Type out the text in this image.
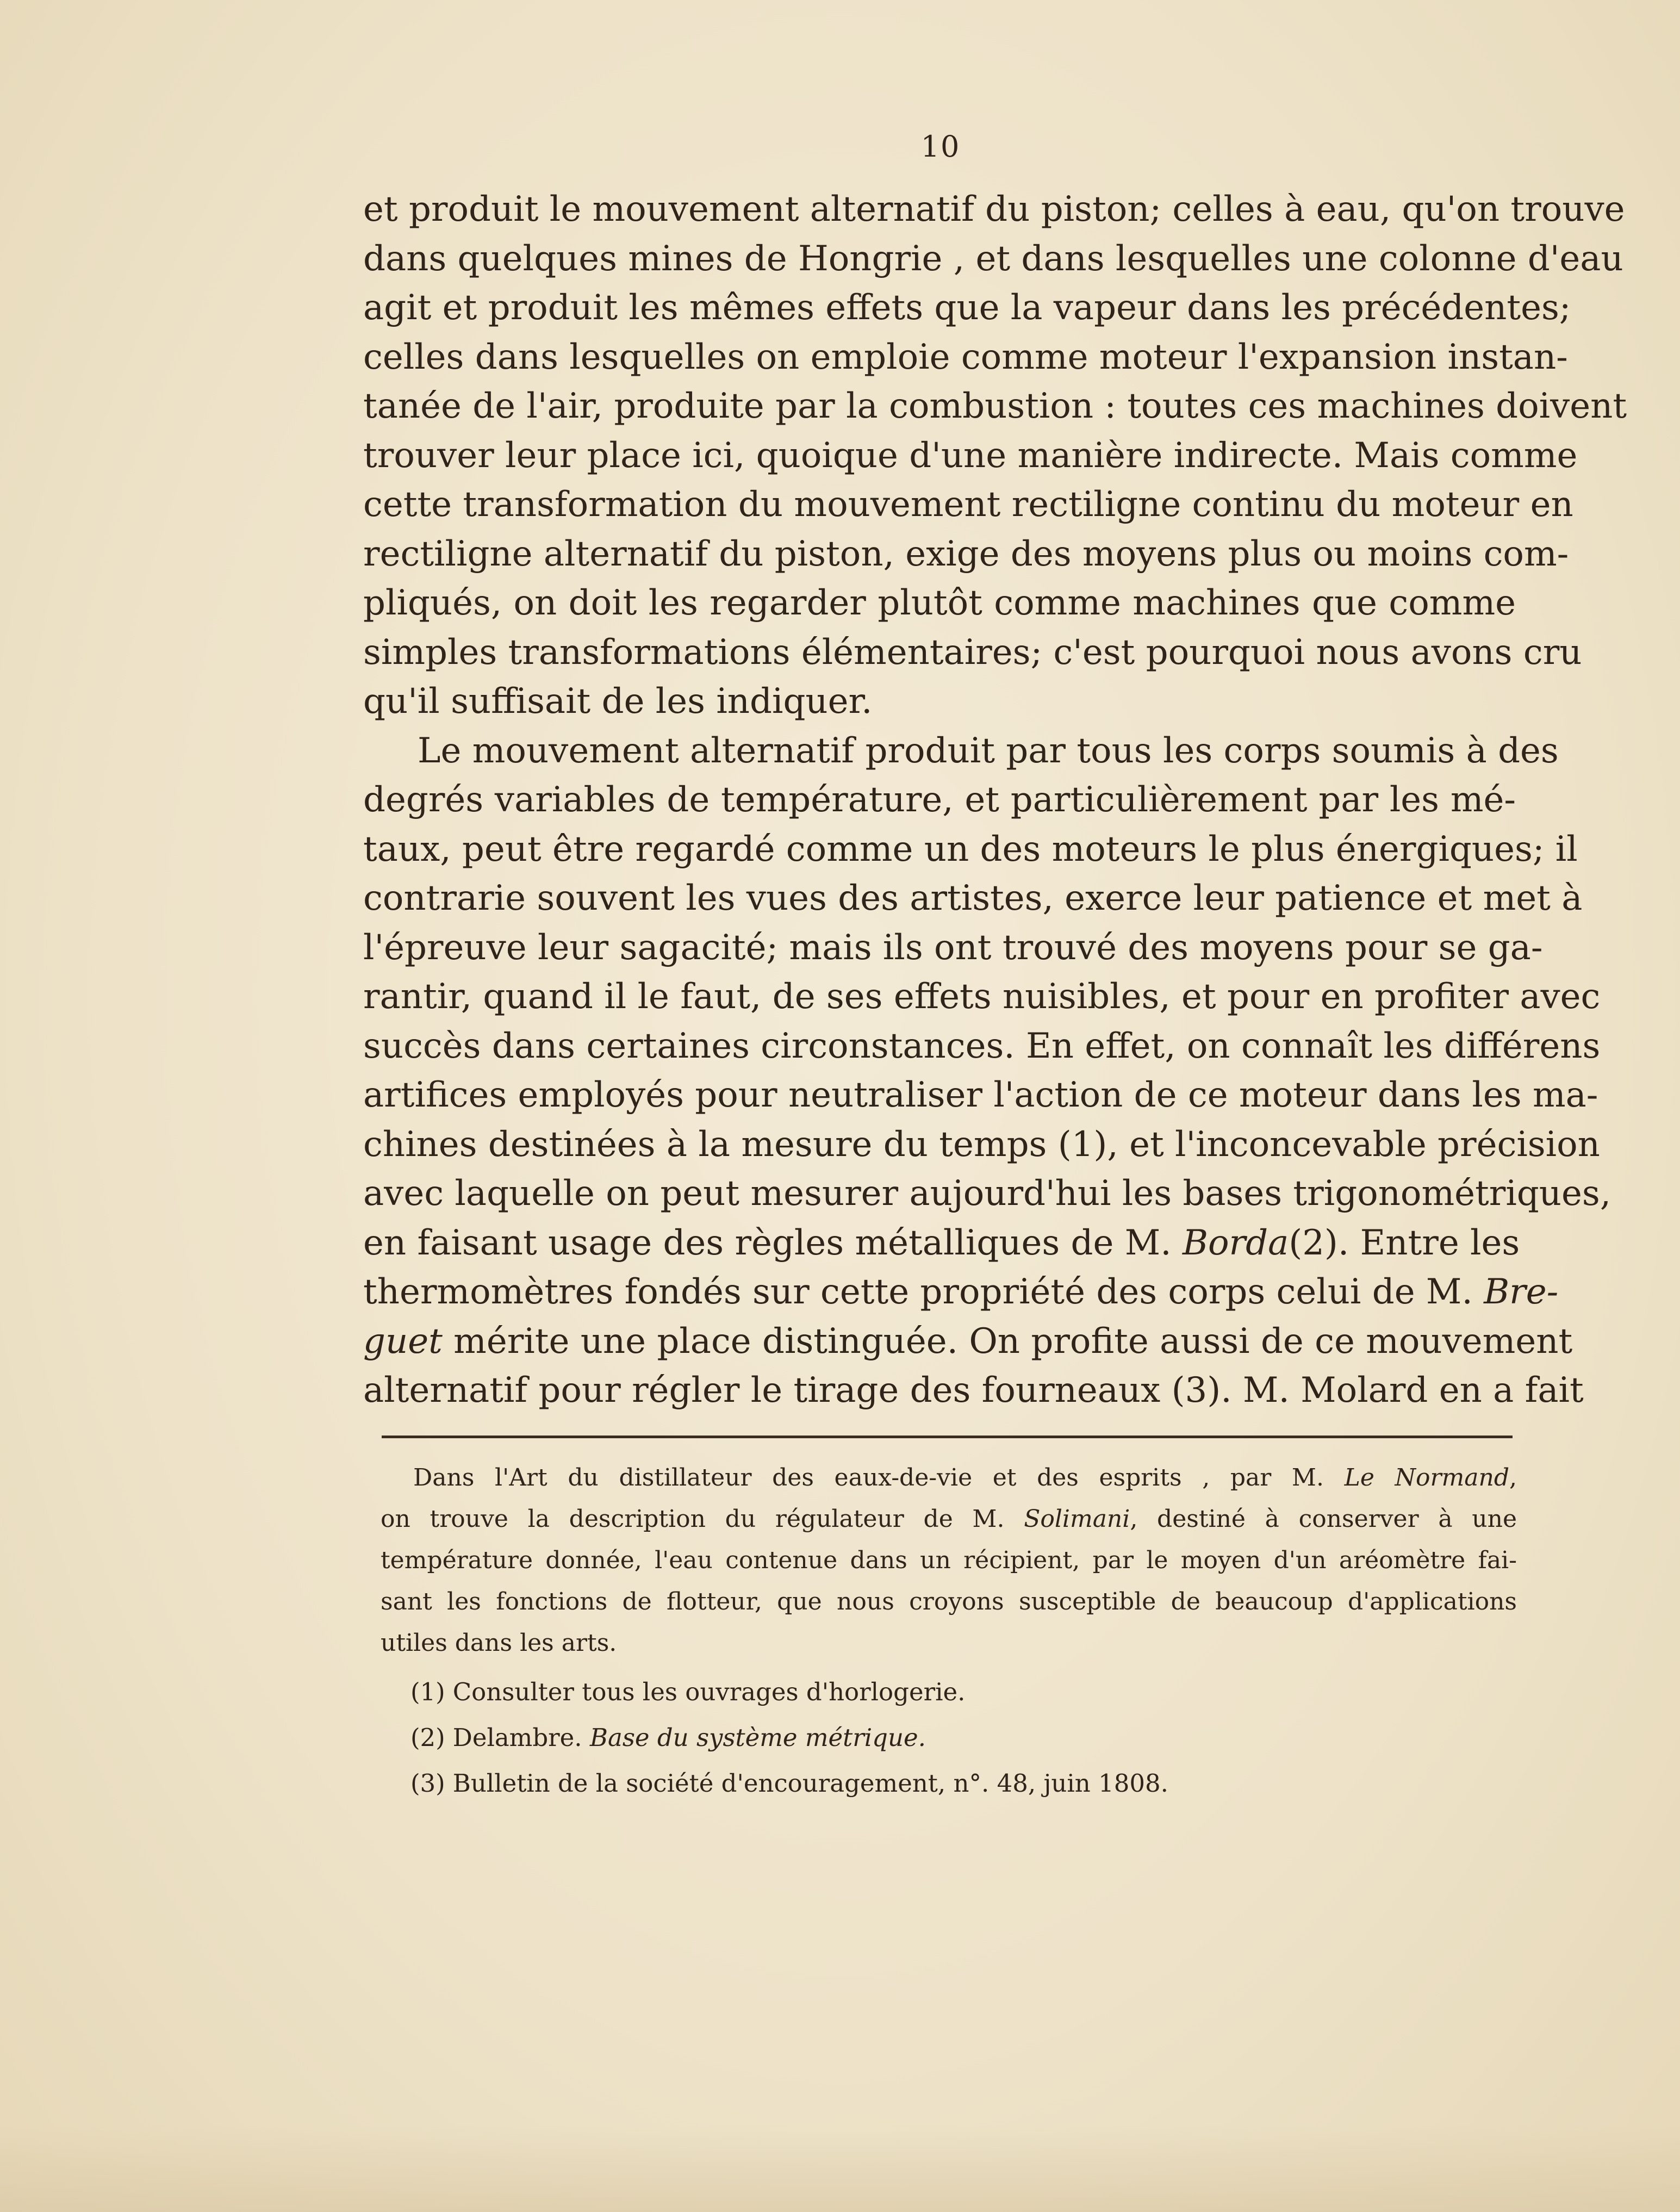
10
et produit le mouvement alternatif du piston; celles à eau, qu'on trouve
dans quelques mines de Hongrie , et dans lesquelles une colonne d'eau
agit et produit les mêmes effets que la vapeur dans les précédentes;
celles dans lesquelles on emploie comme moteur l'expansion instan-
tanée de l'air, produite par la combustion : toutes ces machines doivent
trouver leur place ici, quoique d'une manière indirecte. Mais comme
cette transformation du mouvement rectiligne continu du moteur en
rectiligne alternatif du piston, exige des moyens plus ou moins com-
pliqués, on doit les regarder plutôt comme machines que comme
simples transformations élémentaires; c'est pourquoi nous avons cru
qu'il suffisait de les indiquer.
Le mouvement alternatif produit par tous les corps soumis à des
degrés variables de température, et particulièrement par les mé-
taux, peut être regardé comme un des moteurs le plus énergiques; il
contrarie souvent les vues des artistes, exerce leur patience et met à
l'épreuve leur sagacité; mais ils ont trouvé des moyens pour se ga-
rantir, quand il le faut, de ses effets nuisibles, et pour en profiter avec
succès dans certaines circonstances. En effet, on connaît les différens
artifices employés pour neutraliser l'action de ce moteur dans les ma-
chines destinées à la mesure du temps (1), et l'inconcevable précision
avec laquelle on peut mesurer aujourd'hui les bases trigonométriques,
en faisant usage des règles métalliques de M. Borda(2). Entre les
thermomètres fondés sur cette propriété des corps celui de M. Bre-
guet mérite une place distinguée. On profite aussi de ce mouvement
alternatif pour régler le tirage des fourneaux (3). M. Molard en a fait
Dans l'Art du distillateur des eaux-de-vie et des esprits , par M. Le Normand,
on trouve la description du régulateur de M. Solimani, destiné à conserver à une
température donnée, l'eau contenue dans un récipient, par le moyen d'un aréomètre fai-
sant les fonctions de flotteur, que nous croyons susceptible de beaucoup d'applications
utiles dans les arts.
(1) Consulter tous les ouvrages d'horlogerie.
(2) Delambre. Base du système métrique.
(3) Bulletin de la société d'encouragement, n°. 48, juin 1808.
